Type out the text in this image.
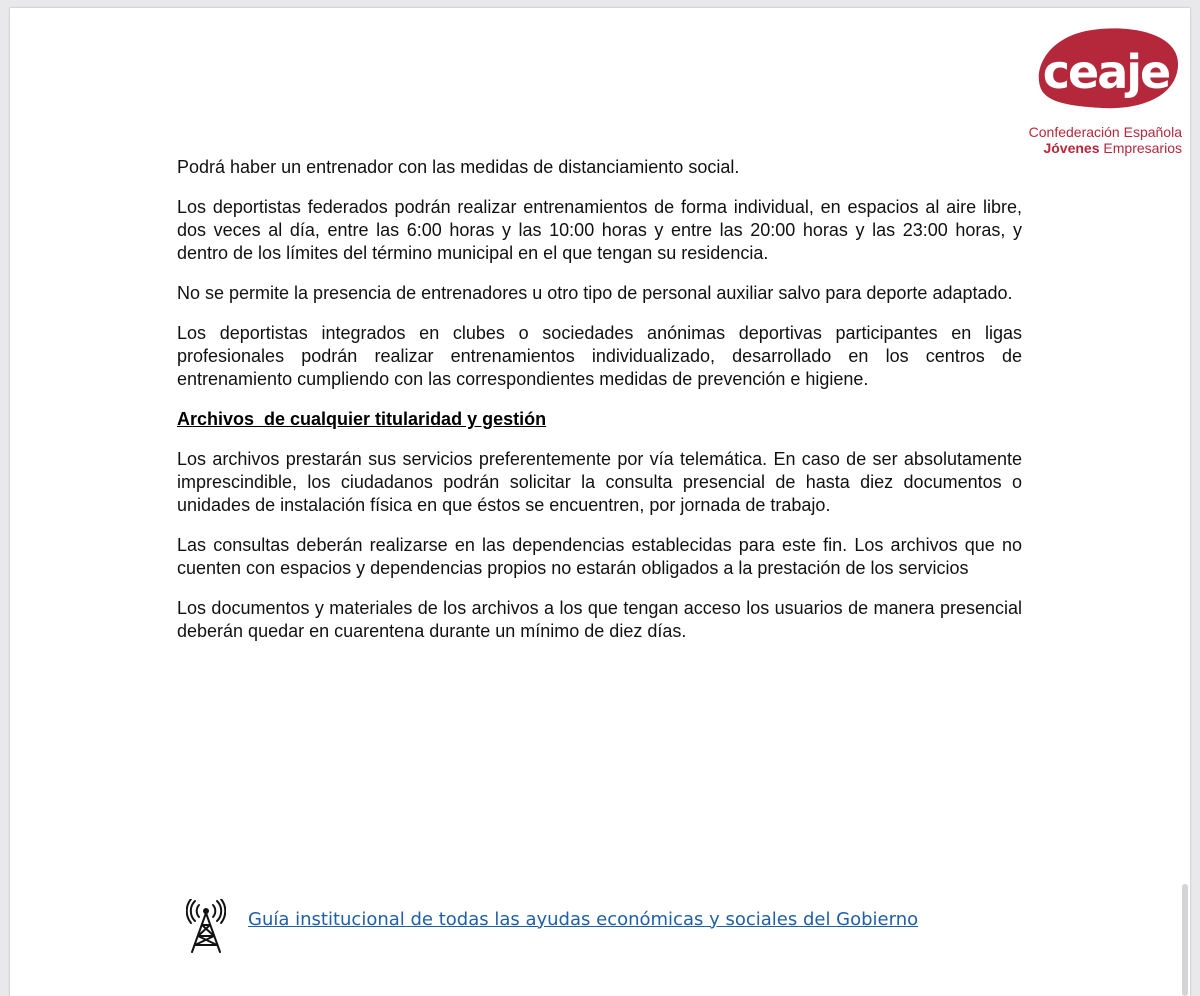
ceaje
Confederación Española
Jóvenes Empresarios

Podrá haber un entrenador con las medidas de distanciamiento social.

Los deportistas federados podrán realizar entrenamientos de forma individual, en espacios al aire libre, dos veces al día, entre las 6:00 horas y las 10:00 horas y entre las 20:00 horas y las 23:00 horas, y dentro de los límites del término municipal en el que tengan su residencia.

No se permite la presencia de entrenadores u otro tipo de personal auxiliar salvo para deporte adaptado.

Los deportistas integrados en clubes o sociedades anónimas deportivas participantes en ligas profesionales podrán realizar entrenamientos individualizado, desarrollado en los centros de entrenamiento cumpliendo con las correspondientes medidas de prevención e higiene.

Archivos  de cualquier titularidad y gestión

Los archivos prestarán sus servicios preferentemente por vía telemática. En caso de ser absolutamente imprescindible, los ciudadanos podrán solicitar la consulta presencial de hasta diez documentos o unidades de instalación física en que éstos se encuentren, por jornada de trabajo.

Las consultas deberán realizarse en las dependencias establecidas para este fin. Los archivos que no cuenten con espacios y dependencias propios no estarán obligados a la prestación de los servicios

Los documentos y materiales de los archivos a los que tengan acceso los usuarios de manera presencial deberán quedar en cuarentena durante un mínimo de diez días.

Guía institucional de todas las ayudas económicas y sociales del Gobierno
